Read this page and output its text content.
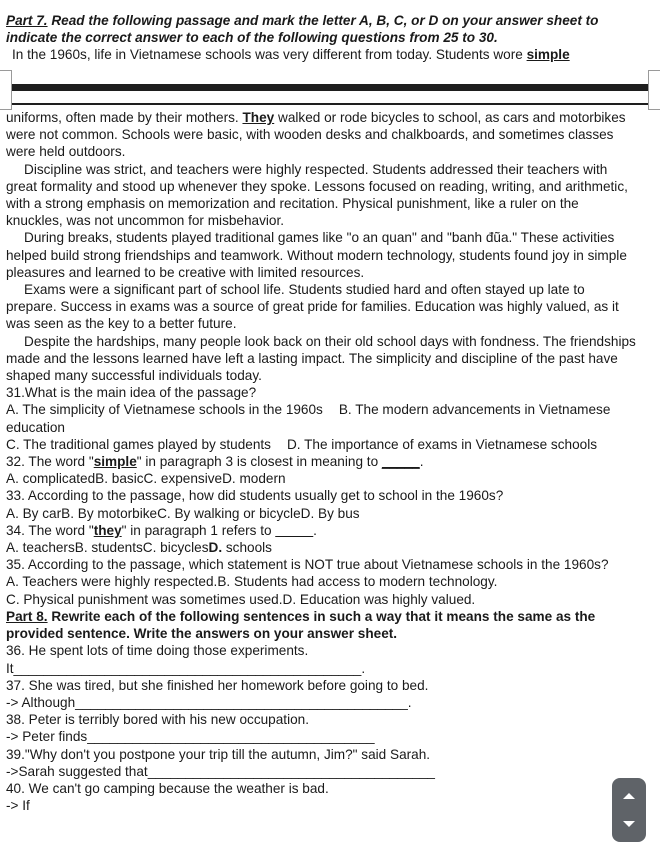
Part 7. Read the following passage and mark the letter A, B, C, or D on your answer sheet to indicate the correct answer to each of the following questions from 25 to 30.

In the 1960s, life in Vietnamese schools was very different from today. Students wore simple

uniforms, often made by their mothers. They walked or rode bicycles to school, as cars and motorbikes were not common. Schools were basic, with wooden desks and chalkboards, and sometimes classes were held outdoors.

Discipline was strict, and teachers were highly respected. Students addressed their teachers with great formality and stood up whenever they spoke. Lessons focused on reading, writing, and arithmetic, with a strong emphasis on memorization and recitation. Physical punishment, like a ruler on the knuckles, was not uncommon for misbehavior.

During breaks, students played traditional games like "o an quan" and "banh đũa." These activities helped build strong friendships and teamwork. Without modern technology, students found joy in simple pleasures and learned to be creative with limited resources.

Exams were a significant part of school life. Students studied hard and often stayed up late to prepare. Success in exams was a source of great pride for families. Education was highly valued, as it was seen as the key to a better future.

Despite the hardships, many people look back on their old school days with fondness. The friendships made and the lessons learned have left a lasting impact. The simplicity and discipline of the past have shaped many successful individuals today.

31.What is the main idea of the passage?

A. The simplicity of Vietnamese schools in the 1960s B. The modern advancements in Vietnamese education

C. The traditional games played by students D. The importance of exams in Vietnamese schools

32. The word "simple" in paragraph 3 is closest in meaning to _____.

A. complicatedB. basicC. expensiveD. modern

33. According to the passage, how did students usually get to school in the 1960s?

A. By carB. By motorbikeC. By walking or bicycleD. By bus

34. The word "they" in paragraph 1 refers to _____.

A. teachersB. studentsC. bicyclesD. schools

35. According to the passage, which statement is NOT true about Vietnamese schools in the 1960s?

A. Teachers were highly respected.B. Students had access to modern technology.

C. Physical punishment was sometimes used.D. Education was highly valued.

Part 8. Rewrite each of the following sentences in such a way that it means the same as the provided sentence. Write the answers on your answer sheet.

36. He spent lots of time doing those experiments.

It______________________________________________.

37. She was tired, but she finished her homework before going to bed.

-> Although____________________________________________.

38. Peter is terribly bored with his new occupation.

-> Peter finds______________________________________

39."Why don't you postpone your trip till the autumn, Jim?" said Sarah.

->Sarah suggested that______________________________________

40. We can't go camping because the weather is bad.

-> If
